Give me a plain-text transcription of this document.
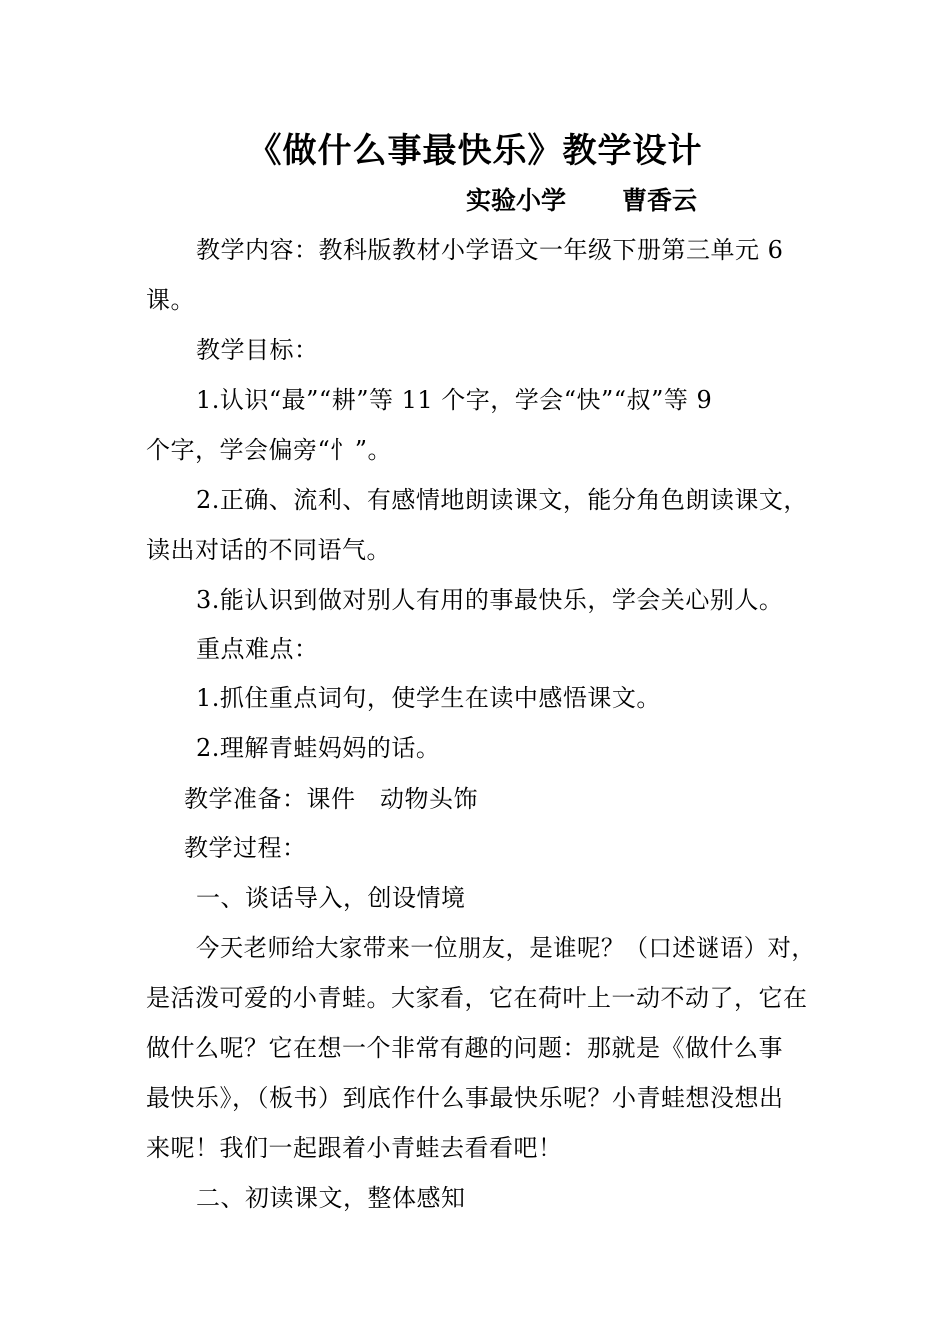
《做什么事最快乐》教学设计
实验小学 曹香云
教学内容：教科版教材小学语文一年级下册第三单元 6
课。
教学目标：
1.认识“最”“耕”等 11 个字，学会“快”“叔”等 9
个字，学会偏旁“忄”。
2.正确、流利、有感情地朗读课文，能分角色朗读课文，
读出对话的不同语气。
3.能认识到做对别人有用的事最快乐，学会关心别人。
重点难点：
1.抓住重点词句，使学生在读中感悟课文。
2.理解青蛙妈妈的话。
教学准备：课件　动物头饰
教学过程：
一、谈话导入，创设情境
今天老师给大家带来一位朋友，是谁呢？（口述谜语）对，
是活泼可爱的小青蛙。大家看，它在荷叶上一动不动了，它在
做什么呢？它在想一个非常有趣的问题：那就是《做什么事
最快乐》，（板书）到底作什么事最快乐呢？小青蛙想没想出
来呢！我们一起跟着小青蛙去看看吧！
二、初读课文，整体感知
